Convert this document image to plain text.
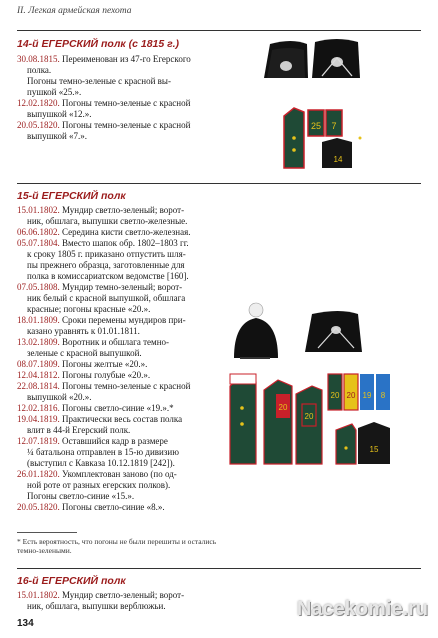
II. Легкая армейская пехота
14-й ЕГЕРСКИЙ полк (с 1815 г.)
30.08.1815. Переименован из 47-го Егерского
полка.
Погоны темно-зеленые с красной вы-
пушкой «25.».
12.02.1820. Погоны темно-зеленые с красной
выпушкой «12.».
20.05.1820. Погоны темно-зеленые с красной
выпушкой «7.».
15-й ЕГЕРСКИЙ полк
15.01.1802. Мундир светло-зеленый; ворот-
ник, обшлага, выпушки светло-железные.
06.06.1802. Середина кисти светло-железная.
05.07.1804. Вместо шапок обр. 1802–1803 гг.
к сроку 1805 г. приказано отпустить шля-
пы прежнего образца, заготовленные для
полка в комиссариатском ведомстве [160].
07.05.1808. Мундир темно-зеленый; ворот-
ник белый с красной выпушкой, обшлага
красные; погоны красные «20.».
18.01.1809. Сроки перемены мундиров при-
казано уравнять к 01.01.1811.
13.02.1809. Воротник и обшлага темно-
зеленые с красной выпушкой.
08.07.1809. Погоны желтые «20.».
12.04.1812. Погоны голубые «20.».
22.08.1814. Погоны темно-зеленые с красной
выпушкой «20.».
12.02.1816. Погоны светло-синие «19.».*
19.04.1819. Практически весь состав полка
влит в 44-й Егерский полк.
12.07.1819. Оставшийся кадр в размере
¼ батальона отправлен в 15-ю дивизию
(выступил с Кавказа 10.12.1819 [242]).
26.01.1820. Укомплектован заново (по од-
ной роте от разных егерских полков).
Погоны светло-синие «15.».
20.05.1820. Погоны светло-синие «8.».
* Есть вероятность, что погоны не были перешиты и остались темно-зелеными.
16-й ЕГЕРСКИЙ полк
15.01.1802. Мундир светло-зеленый; ворот-
ник, обшлага, выпушки верблюжьи.
134
Nacekomie.ru
25 7
14
20
20
20 20 19 8
15
